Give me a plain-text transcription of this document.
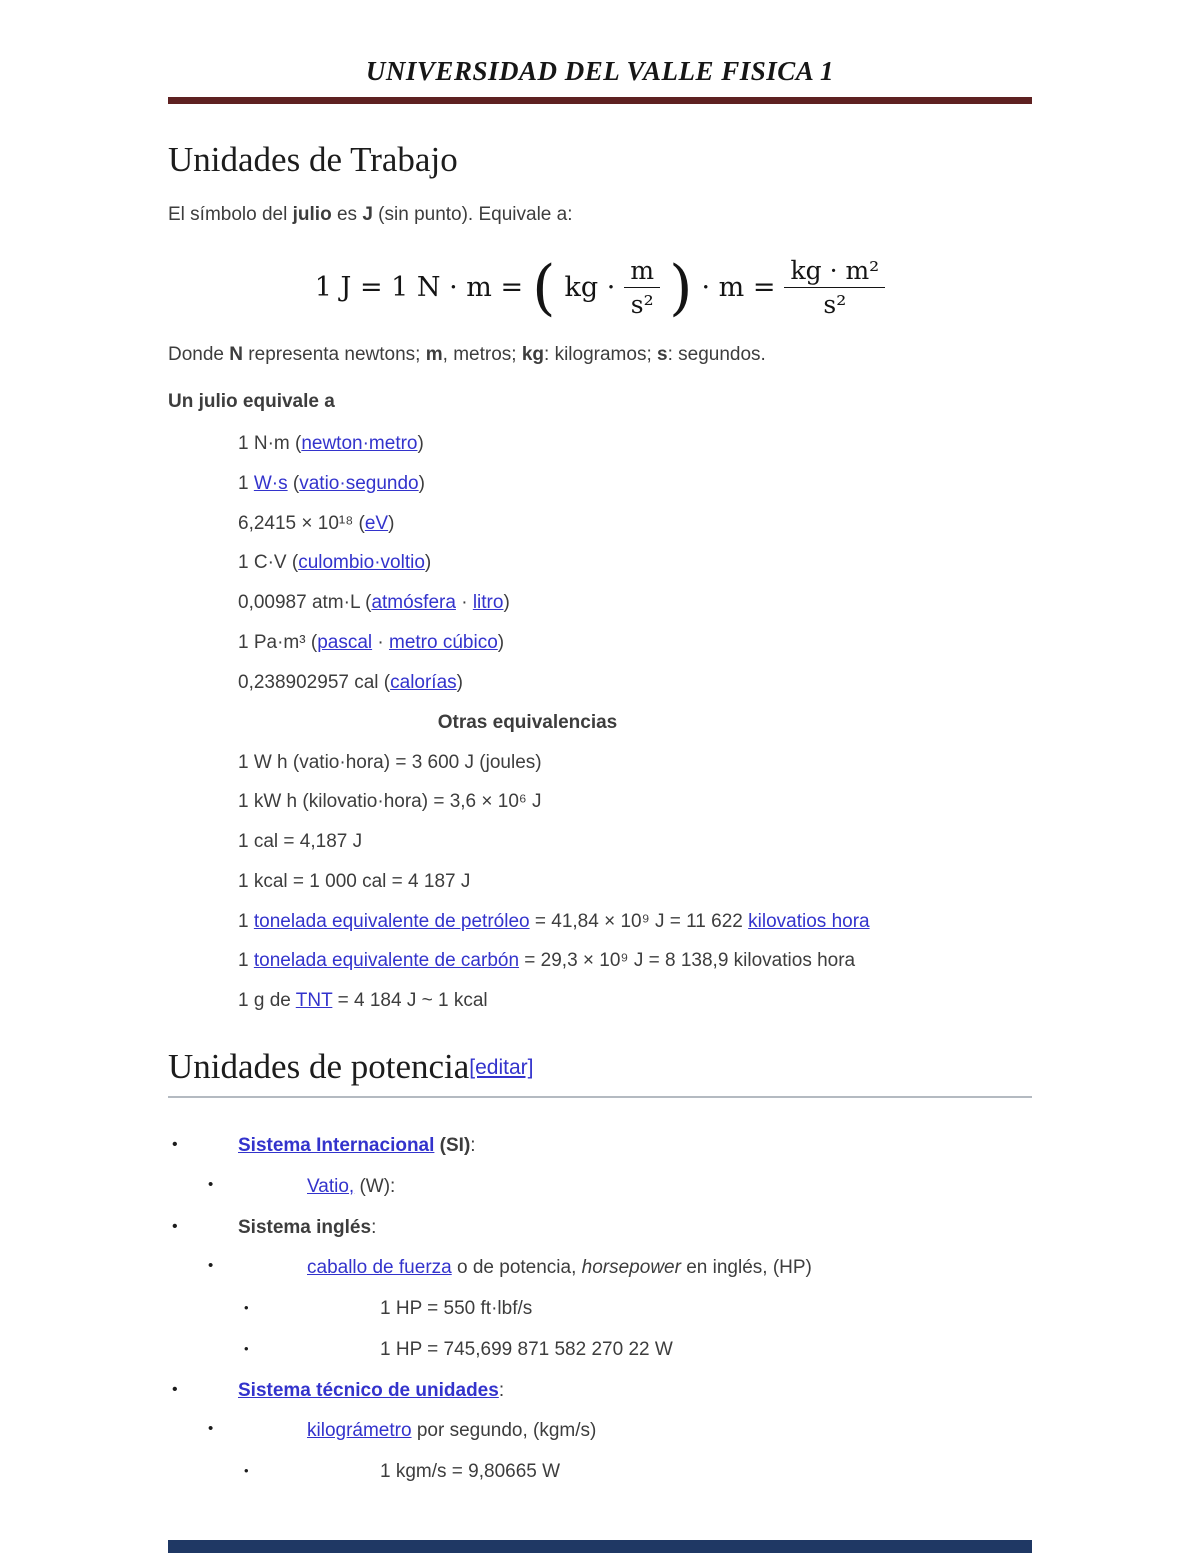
UNIVERSIDAD DEL VALLE FISICA 1
Unidades de Trabajo

El símbolo del julio es J (sin punto). Equivale a:

1 J = 1 N · m = ( kg · $\frac{m}{\text{s²}}$ ) · $m = \frac{\text{kg · m²}}{\text{s²}}$

Donde N representa newtons; m, metros; kg: kilogramos; s: segundos.

Un julio equivale a

1 N·m (newton·metro)
1 W·s (vatio·segundo)
6,2415 × 10¹⁸ (eV)
1 C·V (culombio·voltio)
0,00987 atm·L (atmósfera · litro)
1 Pa·m³ (pascal · metro cúbico)
0,238902957 cal (calorías)
Otras equivalencias
1 W h (vatio·hora) = 3 600 J (joules)
1 kW h (kilovatio·hora) = 3,6 × 10⁶ J
1 cal = 4,187 J
1 kcal = 1 000 cal = 4 187 J
1 tonelada equivalente de petróleo = 41,84 × 10⁹ J = 11 622 kilovatios hora
1 tonelada equivalente de carbón = 29,3 × 10⁹ J = 8 138,9 kilovatios hora
1 g de TNT = 4 184 J ~ 1 kcal
Unidades de potencia[editar]
•	Sistema Internacional (SI):
•	Vatio, (W):
•	Sistema inglés:
•	caballo de fuerza o de potencia, horsepower en inglés, (HP)
•	1 HP = 550 ft·lbf/s
•	1 HP = 745,699 871 582 270 22 W
•	Sistema técnico de unidades:
•	kilográmetro por segundo, (kgm/s)
•	1 kgm/s = 9,80665 W
